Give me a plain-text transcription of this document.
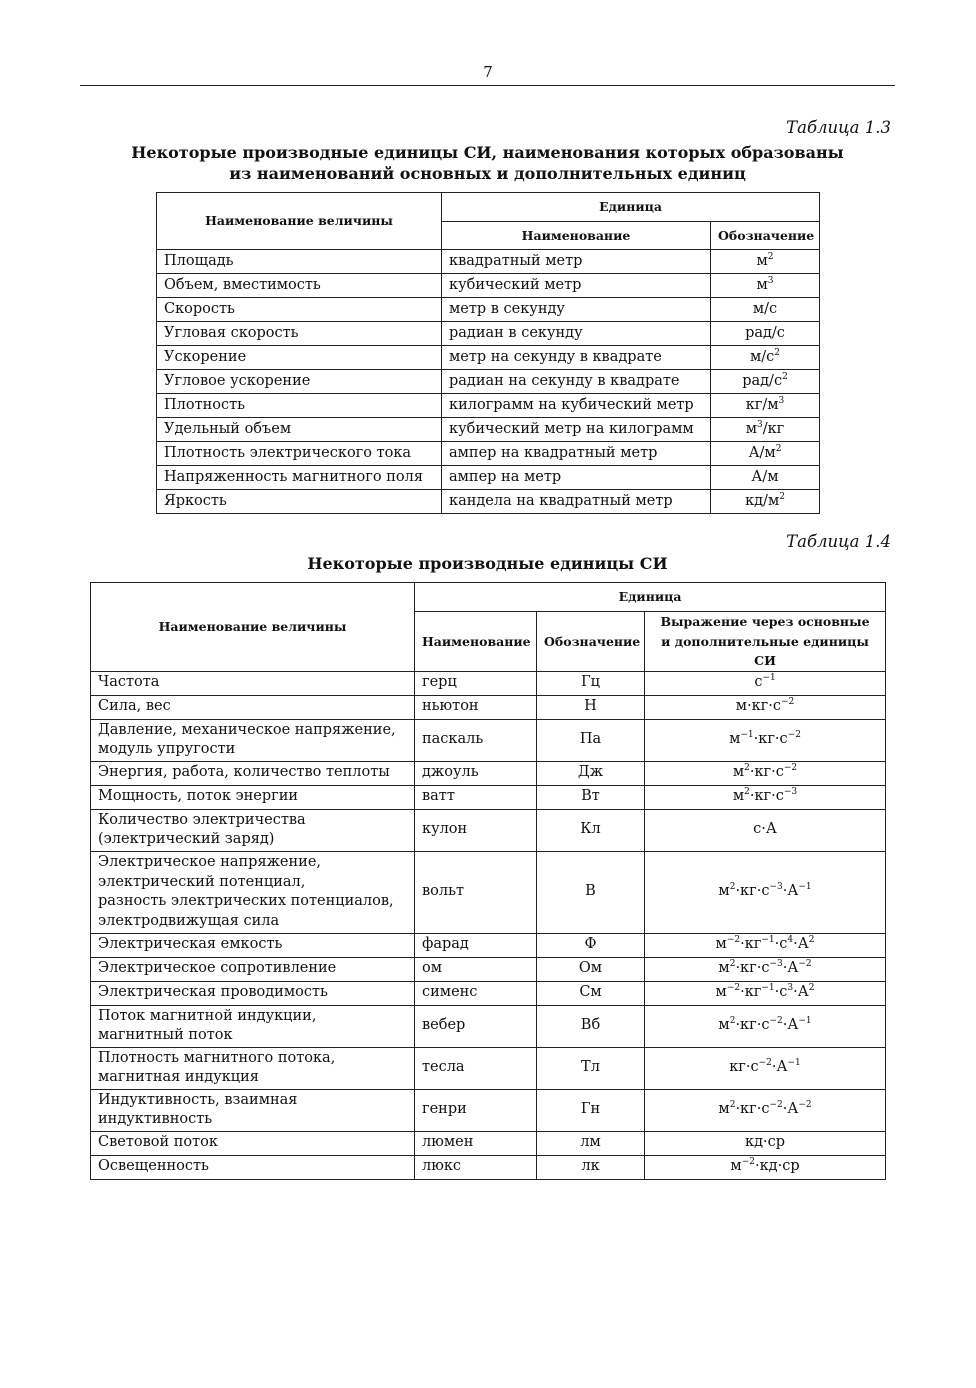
7
Таблица 1.3
Некоторые производные единицы СИ, наименования которых образованы
из наименований основных и дополнительных единиц
Наименование величины	Единица	
	Наименование	Обозначение
Площадь	квадратный метр	$м^2$
Объем, вместимость	кубический метр	$м^3$
Скорость	метр в секунду	м/с
Угловая скорость	радиан в секунду	рад/с
Ускорение	метр на секунду в квадрате	$м/с^2$
Угловое ускорение	радиан на секунду в квадрате	рад/$с^2$
Плотность	килограмм на кубический метр	$кг/м^3$
Удельный объем	кубический метр на килограмм	$м^3/кг$
Плотность электрического тока	ампер на квадратный метр	$А/м^2$
Напряженность магнитного поля	ампер на метр	А/м
Яркость	кандела на квадратный метр	$кд/м^2$
Таблица 1.4
Некоторые производные единицы СИ
Наименование величины	Единица		
	Наименование	Обозначение	Выражение через основные
и дополнительные единицы СИ

Частота	герц	Гц	$с^{-1}$
Сила, вес	ньютон	Н	$м\cdot кг\cdot с^{-2}$
Давление, механическое напряжение,
модуль упругости	паскаль	Па	$м^{-1}\cdot кг\cdot с^{-2}$
Энергия, работа, количество теплоты	джоуль	Дж	$м^2\cdot кг\cdot с^{-2}$
Мощность, поток энергии	ватт	Вт	$м^2\cdot кг\cdot с^{-3}$
Количество электричества
(электрический заряд)	кулон	Кл	с·А
Электрическое напряжение,
электрический потенциал,
разность электрических потенциалов,
электродвижущая сила	вольт	В	$м^2\cdot кг\cdot с^{-3}\cdot А^{-1}$
Электрическая емкость	фарад	Ф	$м^{-2}\cdot кг^{-1}\cdot с^4\cdot А^2$
Электрическое сопротивление	ом	Ом	$м^2\cdot кг\cdot с^{-3}\cdot А^{-2}$
Электрическая проводимость	сименс	См	$м^{-2}\cdot кг^{-1}\cdot с^3\cdot А^2$
Поток магнитной индукции,
магнитный поток	вебер	Вб	$м^2\cdot кг\cdot с^{-2}\cdot А^{-1}$
Плотность магнитного потока,
магнитная индукция	тесла	Тл	$кг\cdot с^{-2}\cdot А^{-1}$
Индуктивность, взаимная
индуктивность	генри	Гн	$м^2\cdot кг\cdot с^{-2}\cdot А^{-2}$
Световой поток	люмен	лм	кд·ср
Освещенность	люкс	лк	$м^{-2}\cdot кд\cdot ср$
